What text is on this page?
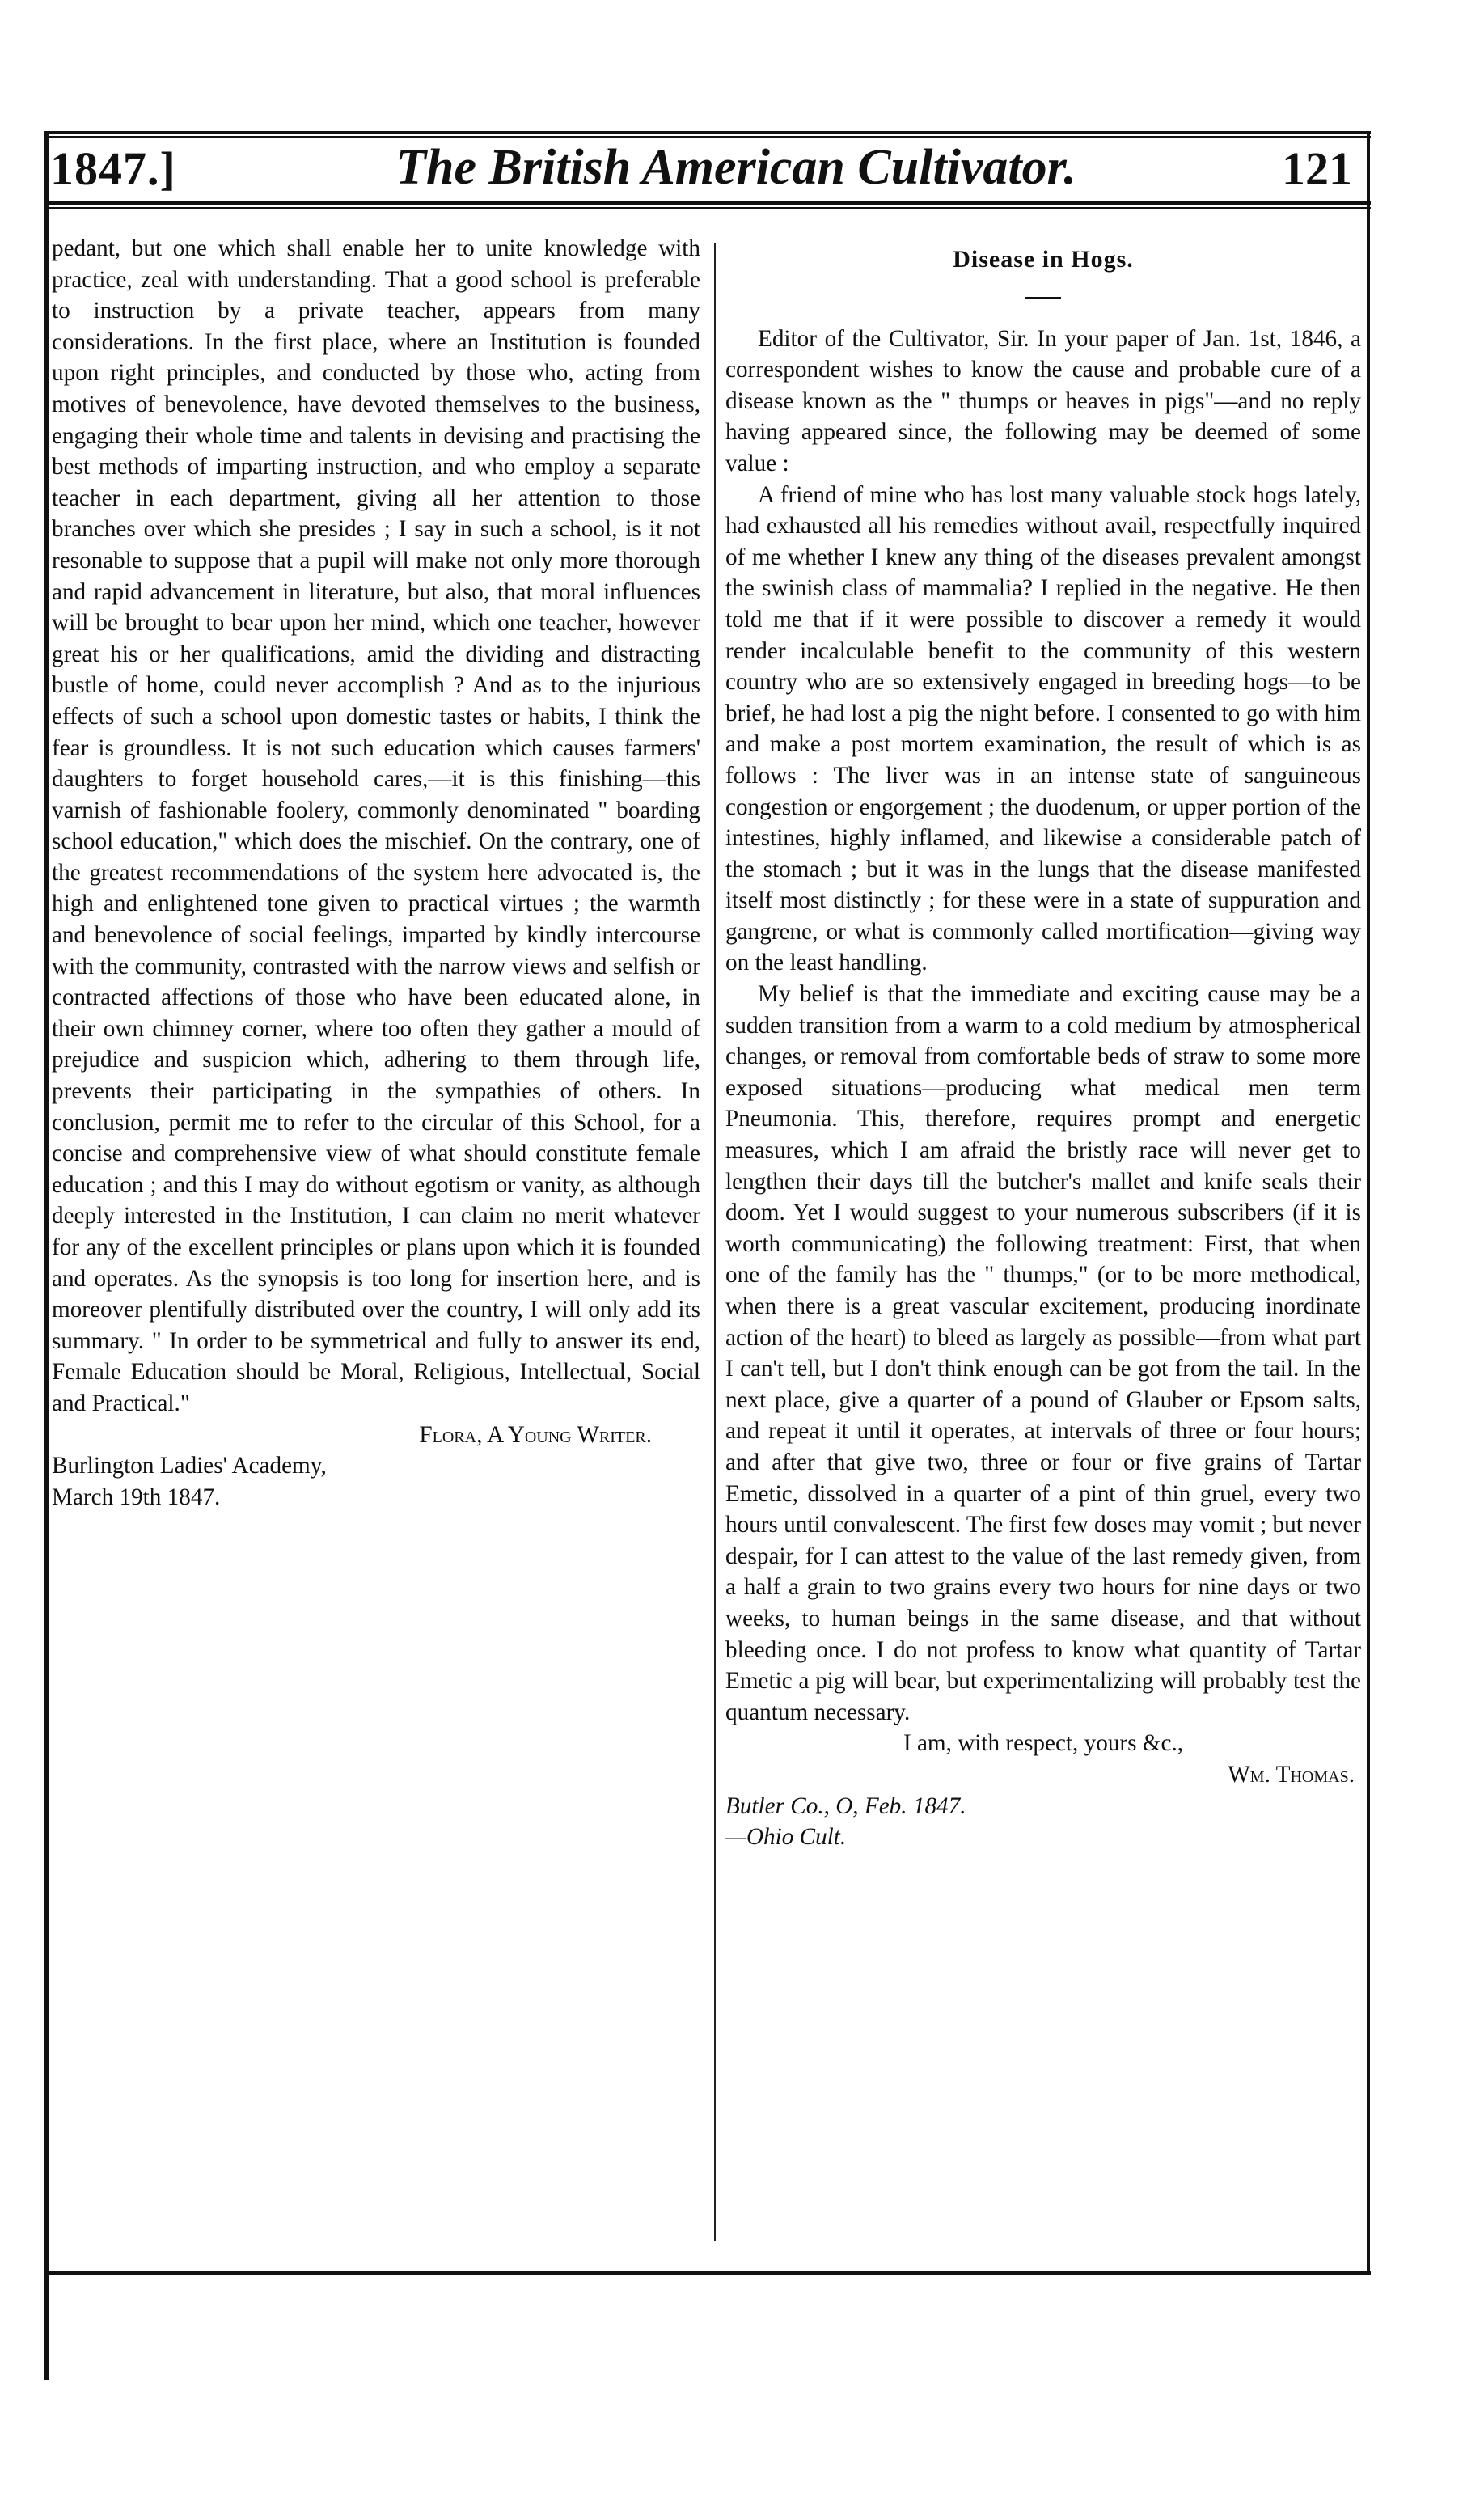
1847.]	The British American Cultivator.	121

pedant, but one which shall enable her to unite knowledge with practice, zeal with understanding. That a good school is preferable to instruction by a private teacher, appears from many considerations. In the first place, where an Institution is founded upon right principles, and conducted by those who, acting from motives of benevolence, have devoted themselves to the business, engaging their whole time and talents in devising and practising the best methods of imparting instruction, and who employ a separate teacher in each department, giving all her attention to those branches over which she presides ; I say in such a school, is it not resonable to suppose that a pupil will make not only more thorough and rapid advancement in literature, but also, that moral influences will be brought to bear upon her mind, which one teacher, however great his or her qualifications, amid the dividing and distracting bustle of home, could never accomplish ? And as to the injurious effects of such a school upon domestic tastes or habits, I think the fear is groundless. It is not such education which causes farmers' daughters to forget household cares,—it is this finishing—this varnish of fashionable foolery, commonly denominated " boarding school education," which does the mischief. On the contrary, one of the greatest recommendations of the system here advocated is, the high and enlightened tone given to practical virtues ; the warmth and benevolence of social feelings, imparted by kindly intercourse with the community, contrasted with the narrow views and selfish or contracted affections of those who have been educated alone, in their own chimney corner, where too often they gather a mould of prejudice and suspicion which, adhering to them through life, prevents their participating in the sympathies of others. In conclusion, permit me to refer to the circular of this School, for a concise and comprehensive view of what should constitute female education ; and this I may do without egotism or vanity, as although deeply interested in the Institution, I can claim no merit whatever for any of the excellent principles or plans upon which it is founded and operates. As the synopsis is too long for insertion here, and is moreover plentifully distributed over the country, I will only add its summary. " In order to be symmetrical and fully to answer its end, Female Education should be Moral, Religious, Intellectual, Social and Practical."

Flora, A Young Writer.

Burlington Ladies' Academy,

March 19th 1847.

Disease in Hogs.

Editor of the Cultivator, Sir. In your paper of Jan. 1st, 1846, a correspondent wishes to know the cause and probable cure of a disease known as the " thumps or heaves in pigs"—and no reply having appeared since, the following may be deemed of some value :

A friend of mine who has lost many valuable stock hogs lately, had exhausted all his remedies without avail, respectfully inquired of me whether I knew any thing of the diseases prevalent amongst the swinish class of mammalia? I replied in the negative. He then told me that if it were possible to discover a remedy it would render incalculable benefit to the community of this western country who are so extensively engaged in breeding hogs—to be brief, he had lost a pig the night before. I consented to go with him and make a post mortem examination, the result of which is as follows : The liver was in an intense state of sanguineous congestion or engorgement ; the duodenum, or upper portion of the intestines, highly inflamed, and likewise a considerable patch of the stomach ; but it was in the lungs that the disease manifested itself most distinctly ; for these were in a state of suppuration and gangrene, or what is commonly called mortification—giving way on the least handling.

My belief is that the immediate and exciting cause may be a sudden transition from a warm to a cold medium by atmospherical changes, or removal from comfortable beds of straw to some more exposed situations—producing what medical men term Pneumonia. This, therefore, requires prompt and energetic measures, which I am afraid the bristly race will never get to lengthen their days till the butcher's mallet and knife seals their doom. Yet I would suggest to your numerous subscribers (if it is worth communicating) the following treatment: First, that when one of the family has the " thumps," (or to be more methodical, when there is a great vascular excitement, producing inordinate action of the heart) to bleed as largely as possible—from what part I can't tell, but I don't think enough can be got from the tail. In the next place, give a quarter of a pound of Glauber or Epsom salts, and repeat it until it operates, at intervals of three or four hours; and after that give two, three or four or five grains of Tartar Emetic, dissolved in a quarter of a pint of thin gruel, every two hours until convalescent. The first few doses may vomit ; but never despair, for I can attest to the value of the last remedy given, from a half a grain to two grains every two hours for nine days or two weeks, to human beings in the same disease, and that without bleeding once. I do not profess to know what quantity of Tartar Emetic a pig will bear, but experimentalizing will probably test the quantum necessary.

I am, with respect, yours &c.,

Wm. Thomas.

Butler Co., O, Feb. 1847.

—Ohio Cult.
